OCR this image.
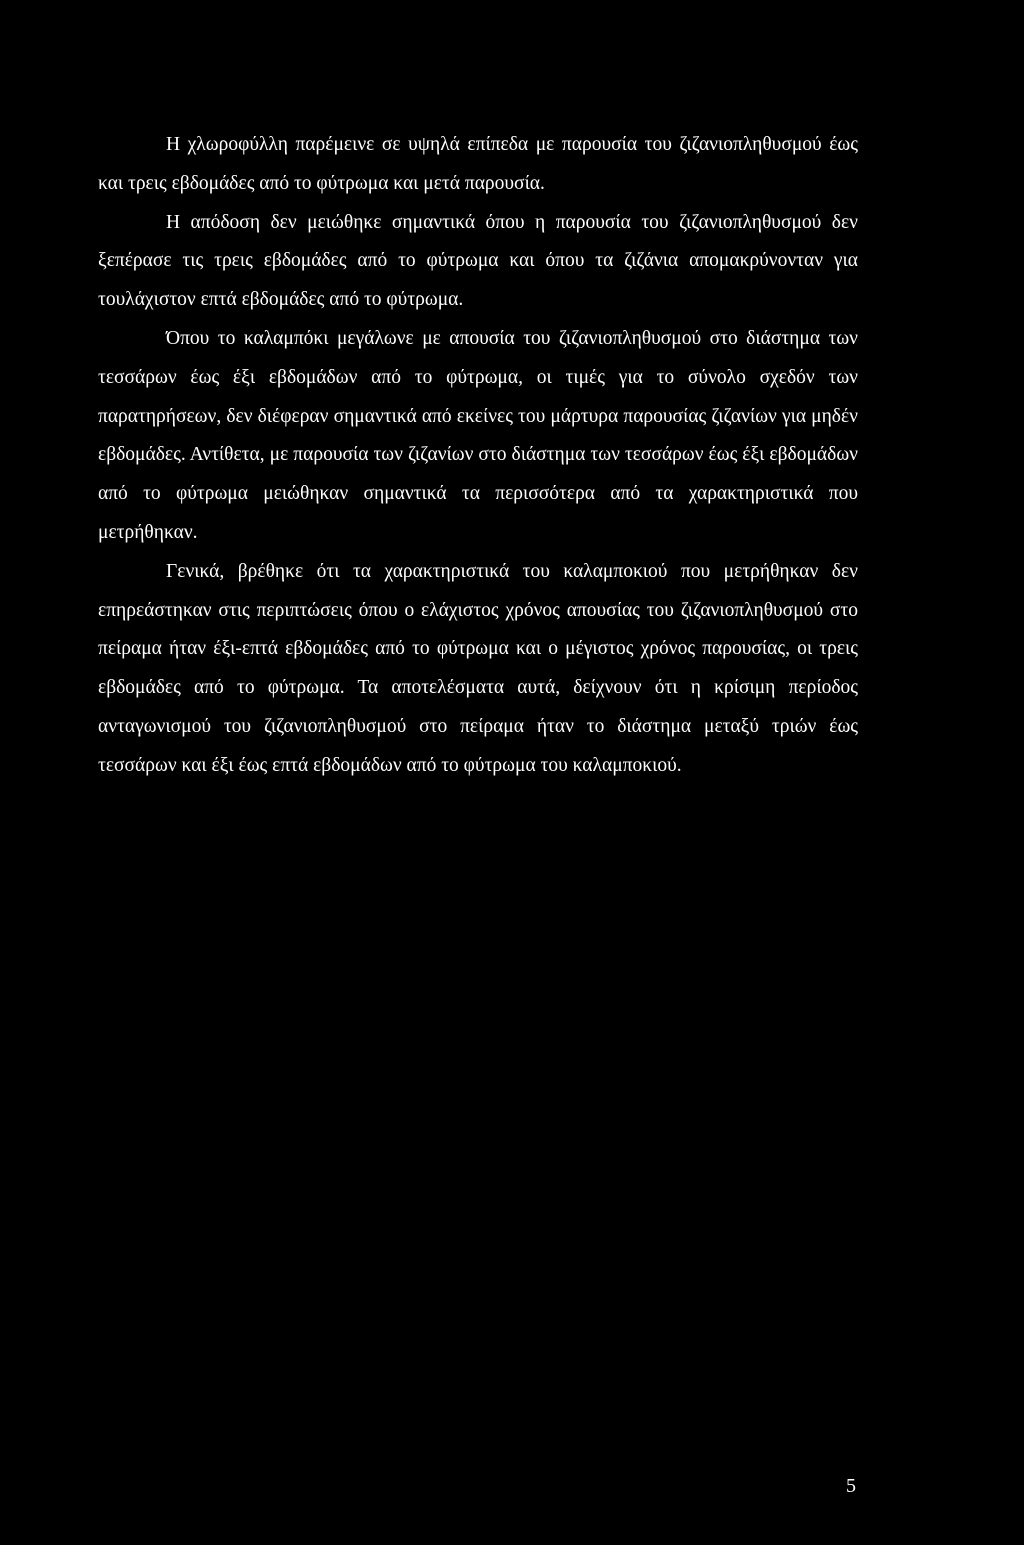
Η χλωροφύλλη παρέμεινε σε υψηλά επίπεδα με παρουσία του ζιζανιοπληθυσμού έως και τρεις εβδομάδες από το φύτρωμα και μετά παρουσία.

Η απόδοση δεν μειώθηκε σημαντικά όπου η παρουσία του ζιζανιοπληθυσμού δεν ξεπέρασε τις τρεις εβδομάδες από το φύτρωμα και όπου τα ζιζάνια απομακρύνονταν για τουλάχιστον επτά εβδομάδες από το φύτρωμα.

Όπου το καλαμπόκι μεγάλωνε με απουσία του ζιζανιοπληθυσμού στο διάστημα των τεσσάρων έως έξι εβδομάδων από το φύτρωμα, οι τιμές για το σύνολο σχεδόν των παρατηρήσεων, δεν διέφεραν σημαντικά από εκείνες του μάρτυρα παρουσίας ζιζανίων για μηδέν εβδομάδες. Αντίθετα, με παρουσία των ζιζανίων στο διάστημα των τεσσάρων έως έξι εβδομάδων από το φύτρωμα μειώθηκαν σημαντικά τα περισσότερα από τα χαρακτηριστικά που μετρήθηκαν.

Γενικά, βρέθηκε ότι τα χαρακτηριστικά του καλαμποκιού που μετρήθηκαν δεν επηρεάστηκαν στις περιπτώσεις όπου ο ελάχιστος χρόνος απουσίας του ζιζανιοπληθυσμού στο πείραμα ήταν έξι-επτά εβδομάδες από το φύτρωμα και ο μέγιστος χρόνος παρουσίας, οι τρεις εβδομάδες από το φύτρωμα. Τα αποτελέσματα αυτά, δείχνουν ότι η κρίσιμη περίοδος ανταγωνισμού του ζιζανιοπληθυσμού στο πείραμα ήταν το διάστημα μεταξύ τριών έως τεσσάρων και έξι έως επτά εβδομάδων από το φύτρωμα του καλαμποκιού.

5
